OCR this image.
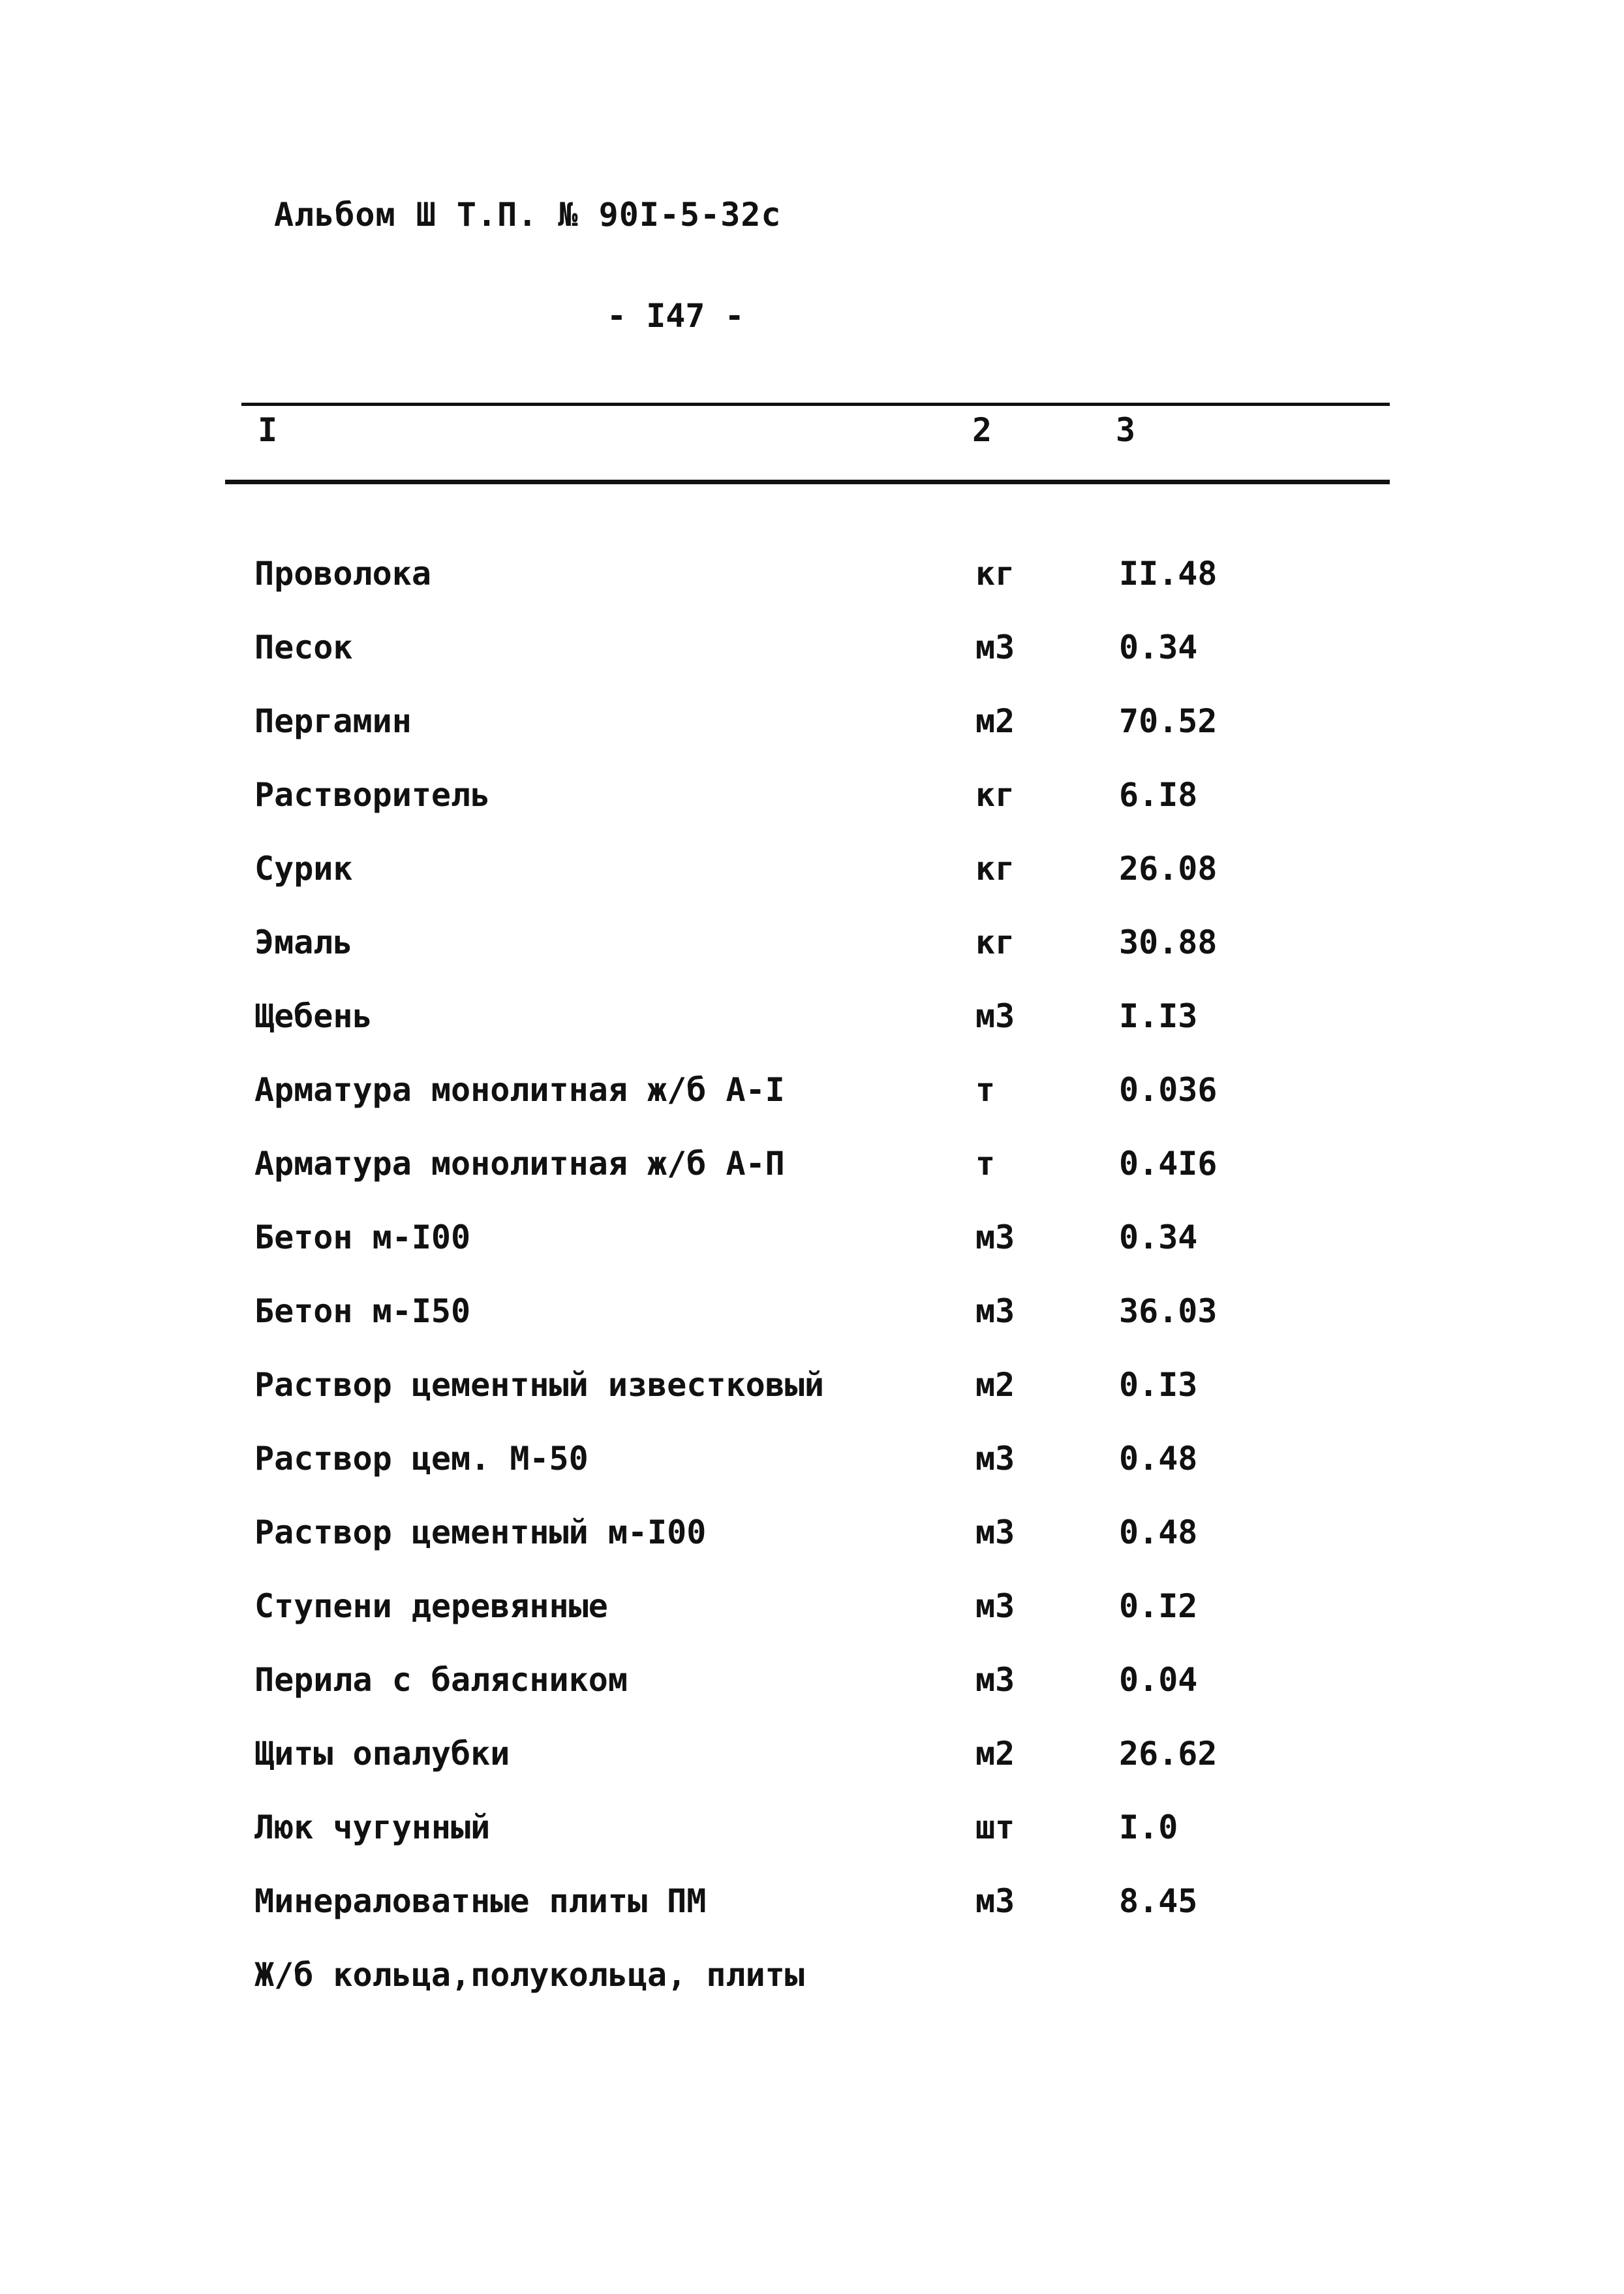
Альбом Ш Т.П. № 90I-5-32с
- I47 -
I	2	3
Проволока	кг	II.48
Песок	м3	0.34
Пергамин	м2	70.52
Растворитель	кг	6.I8
Сурик	кг	26.08
Эмаль	кг	30.88
Щебень	м3	I.I3
Арматура монолитная ж/б А-I	т	0.036
Арматура монолитная ж/б А-П	т	0.4I6
Бетон м-I00	м3	0.34
Бетон м-I50	м3	36.03
Раствор цементный известковый	м2	0.I3
Раствор цем. М-50	м3	0.48
Раствор цементный м-I00	м3	0.48
Ступени деревянные	м3	0.I2
Перила с балясником	м3	0.04
Щиты опалубки	м2	26.62
Люк чугунный	шт	I.0
Минераловатные плиты ПМ	м3	8.45
Ж/б кольца,полукольца, плиты
